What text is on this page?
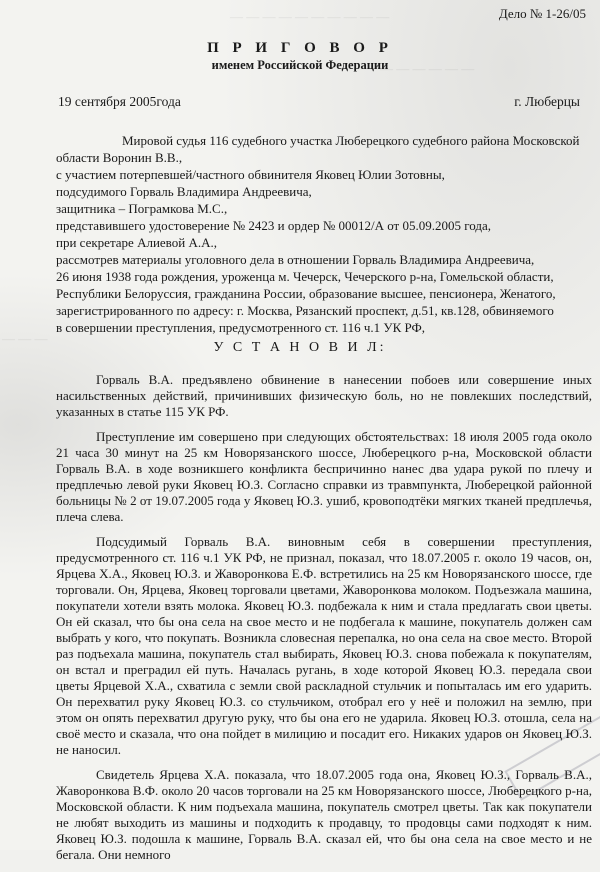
Дело № 1-26/05
П Р И Г О В О Р
именем Российской Федерации
19 сентября 2005года	г. Люберцы
Мировой судья 116 судебного участка Люберецкого судебного района Московской
области Воронин В.В.,
с участием потерпевшей/частного обвинителя Яковец Юлии Зотовны,
подсудимого Горваль Владимира Андреевича,
защитника – Пограмкова М.С.,
представившего удостоверение № 2423 и ордер № 00012/А от 05.09.2005 года,
при секретаре Алиевой А.А.,
рассмотрев материалы уголовного дела в отношении Горваль Владимира Андреевича,
26 июня 1938 года рождения, уроженца м. Чечерск, Чечерского р-на, Гомельской области,
Республики Белоруссия, гражданина России, образование высшее, пенсионера, Женатого,
зарегистрированного по адресу: г. Москва, Рязанский проспект, д.51, кв.128, обвиняемого
в совершении преступления, предусмотренного ст. 116 ч.1 УК РФ,
У С Т А Н О В И Л:

Горваль В.А. предъявлено обвинение в нанесении побоев или совершение иных насильственных действий, причинивших физическую боль, но не повлекших последствий, указанных в статье 115 УК РФ.

Преступление им совершено при следующих обстоятельствах: 18 июля 2005 года около 21 часа 30 минут на 25 км Новорязанского шоссе, Люберецкого р-на, Московской области Горваль В.А. в ходе возникшего конфликта беспричинно нанес два удара рукой по плечу и предплечью левой руки Яковец Ю.З. Согласно справки из травмпункта, Люберецкой районной больницы № 2 от 19.07.2005 года у Яковец Ю.З. ушиб, кровоподтёки мягких тканей предплечья, плеча слева.

Подсудимый Горваль В.А. виновным себя в совершении преступления, предусмотренного ст. 116 ч.1 УК РФ, не признал, показал, что 18.07.2005 г. около 19 часов, он, Ярцева Х.А., Яковец Ю.З. и Жаворонкова Е.Ф. встретились на 25 км Новорязанского шоссе, где торговали. Он, Ярцева, Яковец торговали цветами, Жаворонкова молоком. Подъезжала машина, покупатели хотели взять молока. Яковец Ю.З. подбежала к ним и стала предлагать свои цветы. Он ей сказал, что бы она села на свое место и не подбегала к машине, покупатель должен сам выбрать у кого, что покупать. Возникла словесная перепалка, но она села на свое место. Второй раз подъехала машина, покупатель стал выбирать, Яковец Ю.З. снова побежала к покупателям, он встал и преградил ей путь. Началась ругань, в ходе которой Яковец Ю.З. передала свои цветы Ярцевой Х.А., схватила с земли свой раскладной стульчик и попыталась им его ударить. Он перехватил руку Яковец Ю.З. со стульчиком, отобрал его у неё и положил на землю, при этом он опять перехватил другую руку, что бы она его не ударила. Яковец Ю.З. отошла, села на своё место и сказала, что она пойдет в милицию и посадит его. Никаких ударов он Яковец Ю.З. не наносил.

Свидетель Ярцева Х.А. показала, что 18.07.2005 года она, Яковец Ю.З., Горваль В.А., Жаворонкова В.Ф. около 20 часов торговали на 25 км Новорязанского шоссе, Люберецкого р-на, Московской области. К ним подъехала машина, покупатель смотрел цветы. Так как покупатели не любят выходить из машины и подходить к продавцу, то продовцы сами подходят к ним. Яковец Ю.З. подошла к машине, Горваль В.А. сказал ей, что бы она села на свое место и не бегала. Они немного
